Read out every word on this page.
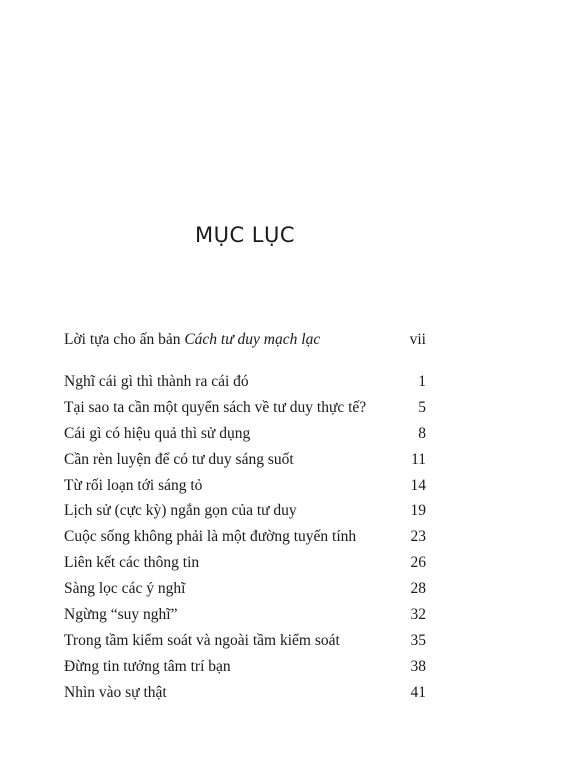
MỤC LỤC
Lời tựa cho ấn bản Cách tư duy mạch lạc	vii
Nghĩ cái gì thì thành ra cái đó	1
Tại sao ta cần một quyển sách về tư duy thực tế?	5
Cái gì có hiệu quả thì sử dụng	8
Cần rèn luyện để có tư duy sáng suốt	11
Từ rối loạn tới sáng tỏ	14
Lịch sử (cực kỳ) ngắn gọn của tư duy	19
Cuộc sống không phải là một đường tuyến tính	23
Liên kết các thông tin	26
Sàng lọc các ý nghĩ	28
Ngừng “suy nghĩ”	32
Trong tầm kiểm soát và ngoài tầm kiểm soát	35
Đừng tin tưởng tâm trí bạn	38
Nhìn vào sự thật	41
